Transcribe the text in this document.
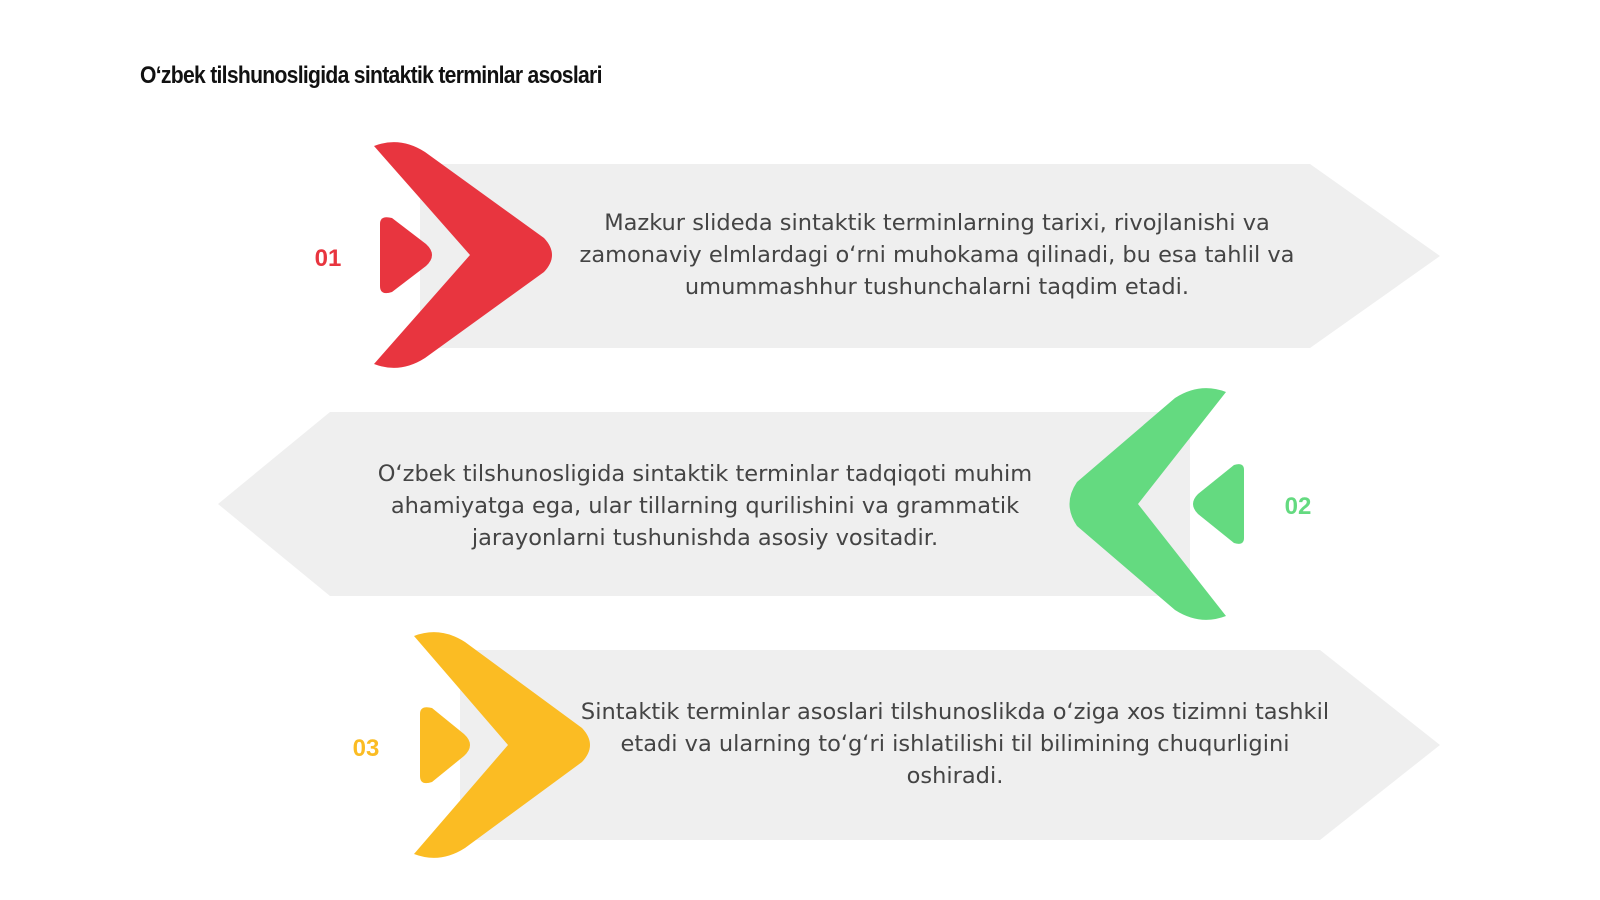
O‘zbek tilshunosligida sintaktik terminlar asoslari
01
02
03
Mazkur slideda sintaktik terminlarning tarixi, rivojlanishi va
zamonaviy elmlardagi o‘rni muhokama qilinadi, bu esa tahlil va
umummashhur tushunchalarni taqdim etadi.
O‘zbek tilshunosligida sintaktik terminlar tadqiqoti muhim
ahamiyatga ega, ular tillarning qurilishini va grammatik
jarayonlarni tushunishda asosiy vositadir.
Sintaktik terminlar asoslari tilshunoslikda o‘ziga xos tizimni tashkil
etadi va ularning to‘g‘ri ishlatilishi til bilimining chuqurligini
oshiradi.
